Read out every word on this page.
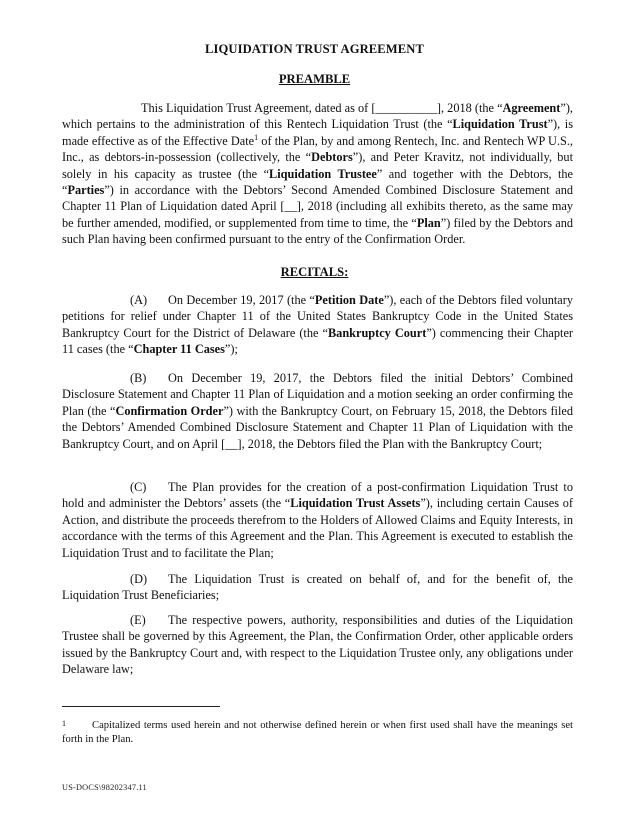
LIQUIDATION TRUST AGREEMENT
PREAMBLE

This Liquidation Trust Agreement, dated as of [__________], 2018 (the “Agreement”), which pertains to the administration of this Rentech Liquidation Trust (the “Liquidation Trust”), is made effective as of the Effective Date$^1$ of the Plan, by and among Rentech, Inc. and Rentech WP U.S., Inc., as debtors-in-possession (collectively, the “Debtors”), and Peter Kravitz, not individually, but solely in his capacity as trustee (the “Liquidation Trustee” and together with the Debtors, the “Parties”) in accordance with the Debtors’ Second Amended Combined Disclosure Statement and Chapter 11 Plan of Liquidation dated April [__], 2018 (including all exhibits thereto, as the same may be further amended, modified, or supplemented from time to time, the “Plan”) filed by the Debtors and such Plan having been confirmed pursuant to the entry of the Confirmation Order.

RECITALS:

(A) On December 19, 2017 (the “Petition Date”), each of the Debtors filed voluntary petitions for relief under Chapter 11 of the United States Bankruptcy Code in the United States Bankruptcy Court for the District of Delaware (the “Bankruptcy Court”) commencing their Chapter 11 cases (the “Chapter 11 Cases”);

(B) On December 19, 2017, the Debtors filed the initial Debtors’ Combined Disclosure Statement and Chapter 11 Plan of Liquidation and a motion seeking an order confirming the Plan (the “Confirmation Order”) with the Bankruptcy Court, on February 15, 2018, the Debtors filed the Debtors’ Amended Combined Disclosure Statement and Chapter 11 Plan of Liquidation with the Bankruptcy Court, and on April [__], 2018, the Debtors filed the Plan with the Bankruptcy Court;

(C) The Plan provides for the creation of a post-confirmation Liquidation Trust to hold and administer the Debtors’ assets (the “Liquidation Trust Assets”), including certain Causes of Action, and distribute the proceeds therefrom to the Holders of Allowed Claims and Equity Interests, in accordance with the terms of this Agreement and the Plan. This Agreement is executed to establish the Liquidation Trust and to facilitate the Plan;

(D) The Liquidation Trust is created on behalf of, and for the benefit of, the Liquidation Trust Beneficiaries;

(E) The respective powers, authority, responsibilities and duties of the Liquidation Trustee shall be governed by this Agreement, the Plan, the Confirmation Order, other applicable orders issued by the Bankruptcy Court and, with respect to the Liquidation Trustee only, any obligations under Delaware law;

1	Capitalized terms used herein and not otherwise defined herein or when first used shall have the meanings set forth in the Plan.
US-DOCS\98202347.11
